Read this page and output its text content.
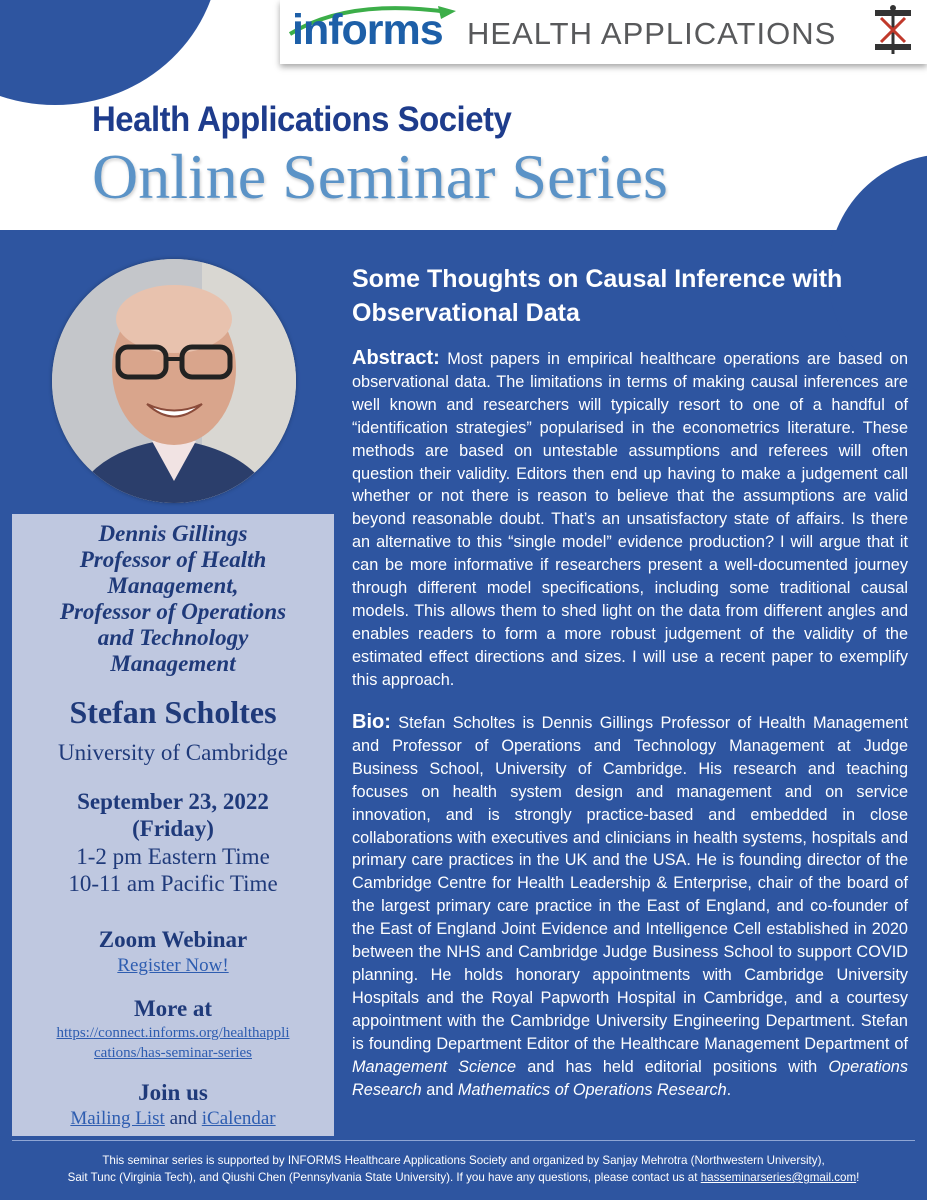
informs HEALTH APPLICATIONS
Health Applications Society
Online Seminar Series
Dennis Gillings
Professor of Health
Management,
Professor of Operations
and Technology
Management
Stefan Scholtes
University of Cambridge
September 23, 2022
(Friday)
1-2 pm Eastern Time
10-11 am Pacific Time
Zoom Webinar
Register Now!
More at
https://connect.informs.org/healthappli
cations/has-seminar-series
Join us
Mailing List and iCalendar
Some Thoughts on Causal Inference with Observational Data
Abstract: Most papers in empirical healthcare operations are based on observational data. The limitations in terms of making causal inferences are well known and researchers will typically resort to one of a handful of “identification strategies” popularised in the econometrics literature. These methods are based on untestable assumptions and referees will often question their validity. Editors then end up having to make a judgement call whether or not there is reason to believe that the assumptions are valid beyond reasonable doubt. That’s an unsatisfactory state of affairs. Is there an alternative to this “single model” evidence production? I will argue that it can be more informative if researchers present a well-documented journey through different model specifications, including some traditional causal models. This allows them to shed light on the data from different angles and enables readers to form a more robust judgement of the validity of the estimated effect directions and sizes. I will use a recent paper to exemplify this approach.
Bio: Stefan Scholtes is Dennis Gillings Professor of Health Management and Professor of Operations and Technology Management at Judge Business School, University of Cambridge. His research and teaching focuses on health system design and management and on service innovation, and is strongly practice-based and embedded in close collaborations with executives and clinicians in health systems, hospitals and primary care practices in the UK and the USA. He is founding director of the Cambridge Centre for Health Leadership & Enterprise, chair of the board of the largest primary care practice in the East of England, and co-founder of the East of England Joint Evidence and Intelligence Cell established in 2020 between the NHS and Cambridge Judge Business School to support COVID planning. He holds honorary appointments with Cambridge University Hospitals and the Royal Papworth Hospital in Cambridge, and a courtesy appointment with the Cambridge University Engineering Department. Stefan is founding Department Editor of the Healthcare Management Department of Management Science and has held editorial positions with Operations Research and Mathematics of Operations Research.
This seminar series is supported by INFORMS Healthcare Applications Society and organized by Sanjay Mehrotra (Northwestern University),
Sait Tunc (Virginia Tech), and Qiushi Chen (Pennsylvania State University). If you have any questions, please contact us at hasseminarseries@gmail.com!
